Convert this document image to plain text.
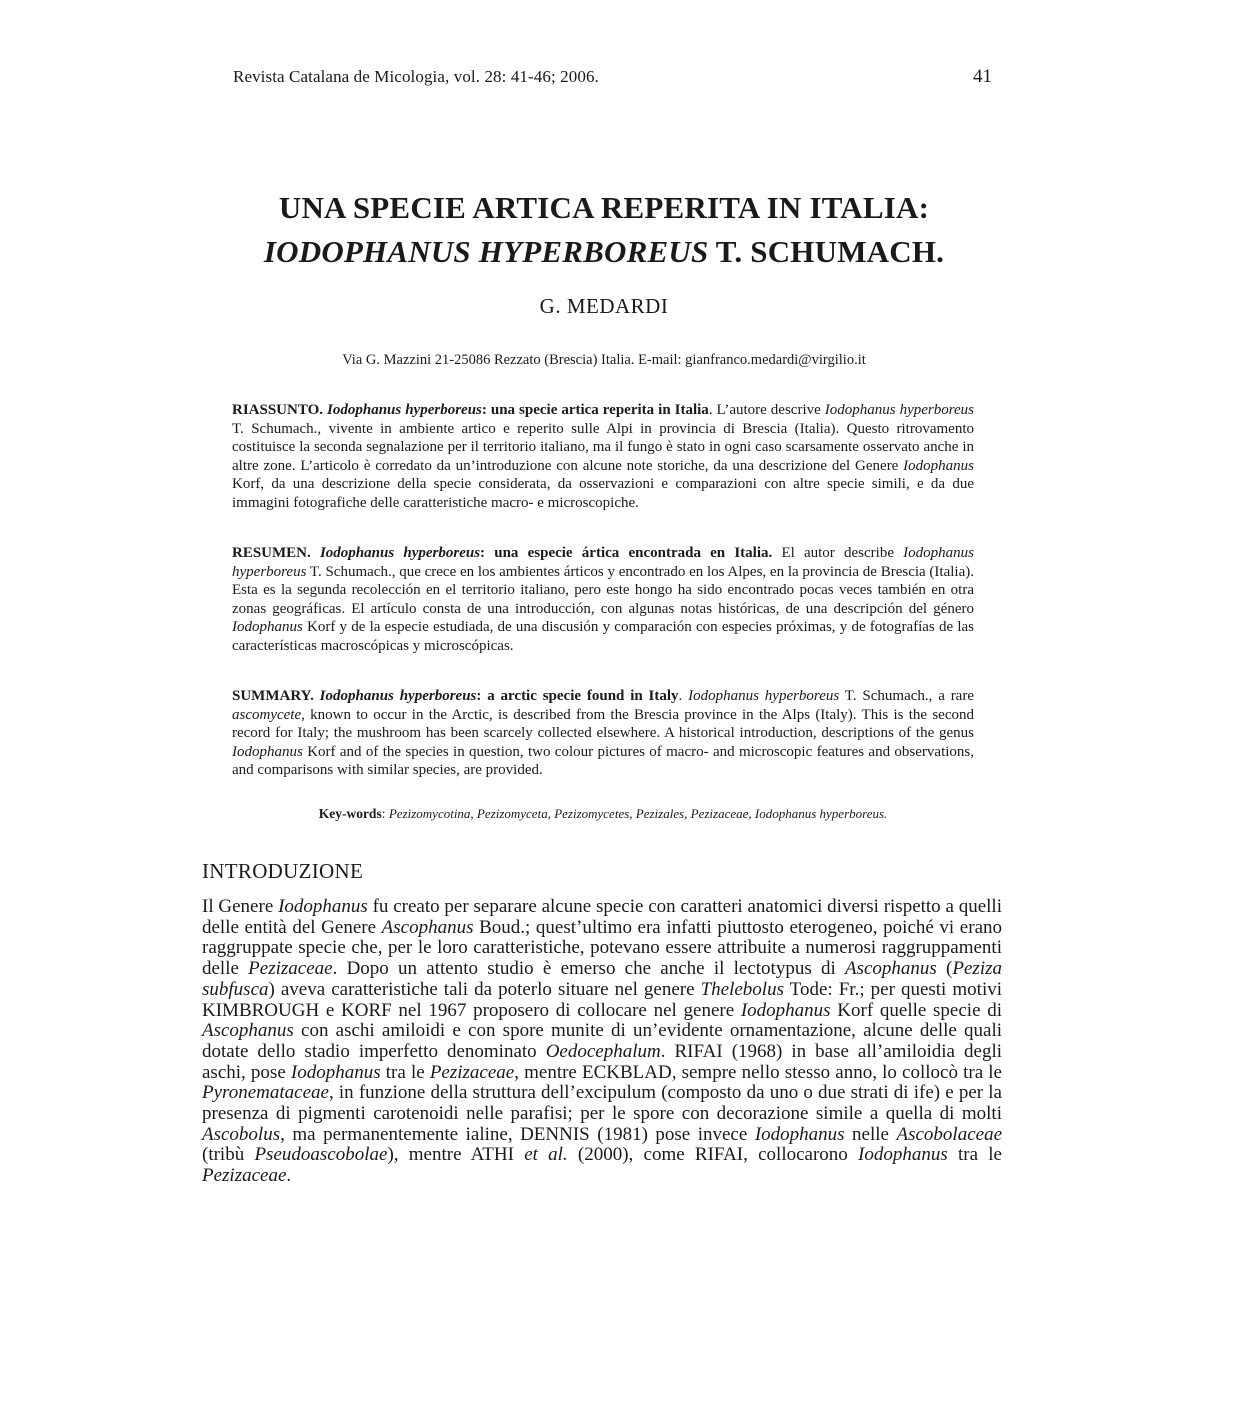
Revista Catalana de Micologia, vol. 28: 41-46; 2006.	41
UNA SPECIE ARTICA REPERITA IN ITALIA: IODOPHANUS HYPERBOREUS T. SCHUMACH.
G. MEDARDI
Via G. Mazzini 21-25086 Rezzato (Brescia) Italia. E-mail: gianfranco.medardi@virgilio.it
RIASSUNTO. Iodophanus hyperboreus: una specie artica reperita in Italia. L’autore descrive Iodophanus hyperboreus T. Schumach., vivente in ambiente artico e reperito sulle Alpi in provincia di Brescia (Italia). Questo ritrovamento costituisce la seconda segnalazione per il territorio italiano, ma il fungo è stato in ogni caso scarsamente osservato anche in altre zone. L’articolo è corredato da un’introduzione con alcune note storiche, da una descrizione del Genere Iodophanus Korf, da una descrizione della specie considerata, da osservazioni e comparazioni con altre specie simili, e da due immagini fotografiche delle caratteristiche macro- e microscopiche.
RESUMEN. Iodophanus hyperboreus: una especie ártica encontrada en Italia. El autor describe Iodophanus hyperboreus T. Schumach., que crece en los ambientes árticos y encontrado en los Alpes, en la provincia de Brescia (Italia). Esta es la segunda recolección en el territorio italiano, pero este hongo ha sido encontrado pocas veces también en otra zonas geográficas. El artículo consta de una introducción, con algunas notas históricas, de una descripción del género Iodophanus Korf y de la especie estudiada, de una discusión y comparación con especies próximas, y de fotografías de las características macroscópicas y microscópicas.
SUMMARY. Iodophanus hyperboreus: a arctic specie found in Italy. Iodophanus hyperboreus T. Schumach., a rare ascomycete, known to occur in the Arctic, is described from the Brescia province in the Alps (Italy). This is the second record for Italy; the mushroom has been scarcely collected elsewhere. A historical introduction, descriptions of the genus Iodophanus Korf and of the species in question, two colour pictures of macro- and microscopic features and observations, and comparisons with similar species, are provided.
Key-words: Pezizomycotina, Pezizomyceta, Pezizomycetes, Pezizales, Pezizaceae, Iodophanus hyperboreus.
INTRODUZIONE
Il Genere Iodophanus fu creato per separare alcune specie con caratteri anatomici diversi rispetto a quelli delle entità del Genere Ascophanus Boud.; quest’ultimo era infatti piuttosto eterogeneo, poiché vi erano raggruppate specie che, per le loro caratteristiche, potevano essere attribuite a numerosi raggruppamenti delle Pezizaceae. Dopo un attento studio è emerso che anche il lectotypus di Ascophanus (Peziza subfusca) aveva caratteristiche tali da poterlo situare nel genere Thelebolus Tode: Fr.; per questi motivi KIMBROUGH e KORF nel 1967 proposero di collocare nel genere Iodophanus Korf quelle specie di Ascophanus con aschi amiloidi e con spore munite di un’evidente ornamentazione, alcune delle quali dotate dello stadio imperfetto denominato Oedocephalum. RIFAI (1968) in base all’amiloidia degli aschi, pose Iodophanus tra le Pezizaceae, mentre ECKBLAD, sempre nello stesso anno, lo collocò tra le Pyronemataceae, in funzione della struttura dell’excipulum (composto da uno o due strati di ife) e per la presenza di pigmenti carotenoidi nelle parafisi; per le spore con decorazione simile a quella di molti Ascobolus, ma permanentemente ialine, DENNIS (1981) pose invece Iodophanus nelle Ascobolaceae (tribù Pseudoascobolae), mentre ATHI et al. (2000), come RIFAI, collocarono Iodophanus tra le Pezizaceae.
